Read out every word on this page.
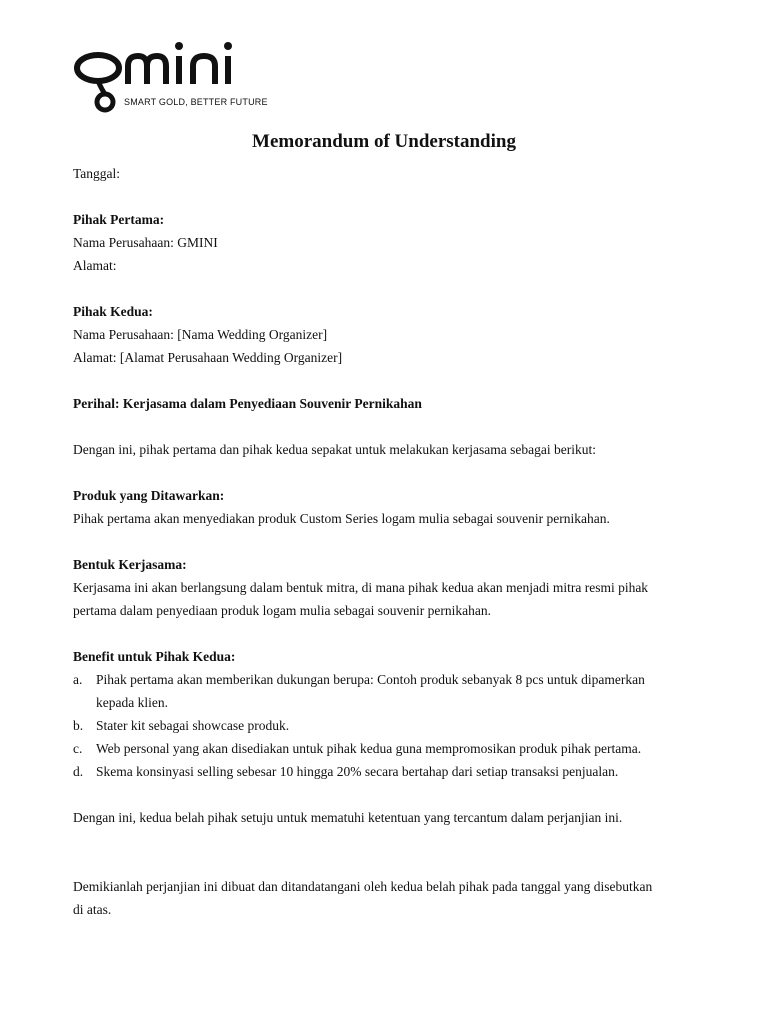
SMART GOLD, BETTER FUTURE
Memorandum of Understanding

Tanggal:

Pihak Pertama:

Nama Perusahaan: GMINI

Alamat:

Pihak Kedua:

Nama Perusahaan: [Nama Wedding Organizer]

Alamat: [Alamat Perusahaan Wedding Organizer]

Perihal: Kerjasama dalam Penyediaan Souvenir Pernikahan

Dengan ini, pihak pertama dan pihak kedua sepakat untuk melakukan kerjasama sebagai berikut:

Produk yang Ditawarkan:

Pihak pertama akan menyediakan produk Custom Series logam mulia sebagai souvenir pernikahan.

Bentuk Kerjasama:

Kerjasama ini akan berlangsung dalam bentuk mitra, di mana pihak kedua akan menjadi mitra resmi pihak

pertama dalam penyediaan produk logam mulia sebagai souvenir pernikahan.

Benefit untuk Pihak Kedua:

a. Pihak pertama akan memberikan dukungan berupa: Contoh produk sebanyak 8 pcs untuk dipamerkan
kepada klien.
b. Stater kit sebagai showcase produk.
c. Web personal yang akan disediakan untuk pihak kedua guna mempromosikan produk pihak pertama.
d. Skema konsinyasi selling sebesar 10 hingga 20% secara bertahap dari setiap transaksi penjualan.

Dengan ini, kedua belah pihak setuju untuk mematuhi ketentuan yang tercantum dalam perjanjian ini.

Demikianlah perjanjian ini dibuat dan ditandatangani oleh kedua belah pihak pada tanggal yang disebutkan

di atas.
